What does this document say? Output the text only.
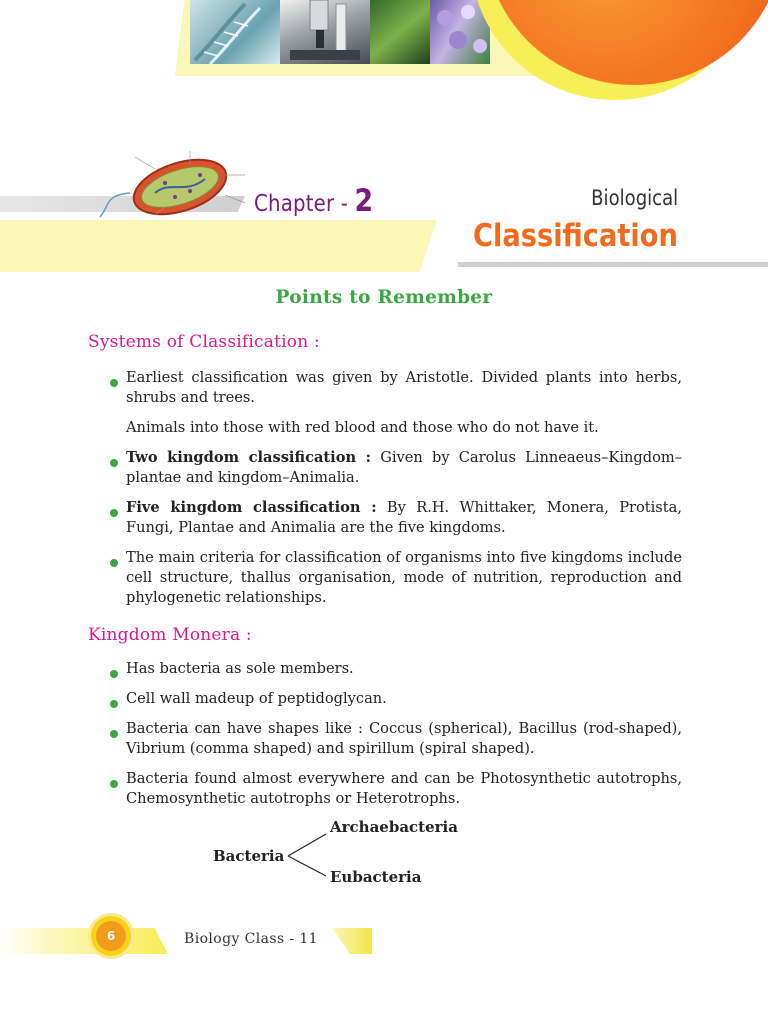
Chapter - 2	Biological
Classification
Points to Remember
Systems of Classification :

Earliest classification was given by Aristotle. Divided plants into herbs, shrubs and trees.

Animals into those with red blood and those who do not have it.

Two kingdom classification : Given by Carolus Linneaeus–Kingdom–plantae and kingdom–Animalia.

Five kingdom classification : By R.H. Whittaker, Monera, Protista, Fungi, Plantae and Animalia are the five kingdoms.

The main criteria for classification of organisms into five kingdoms include cell structure, thallus organisation, mode of nutrition, reproduction and phylogenetic relationships.

Kingdom Monera :

Has bacteria as sole members.

Cell wall madeup of peptidoglycan.

Bacteria can have shapes like : Coccus (spherical), Bacillus (rod-shaped), Vibrium (comma shaped) and spirillum (spiral shaped).

Bacteria found almost everywhere and can be Photosynthetic autotrophs, Chemosynthetic autotrophs or Heterotrophs.

Bacteria
Archaebacteria
Eubacteria
6	Biology Class - 11
